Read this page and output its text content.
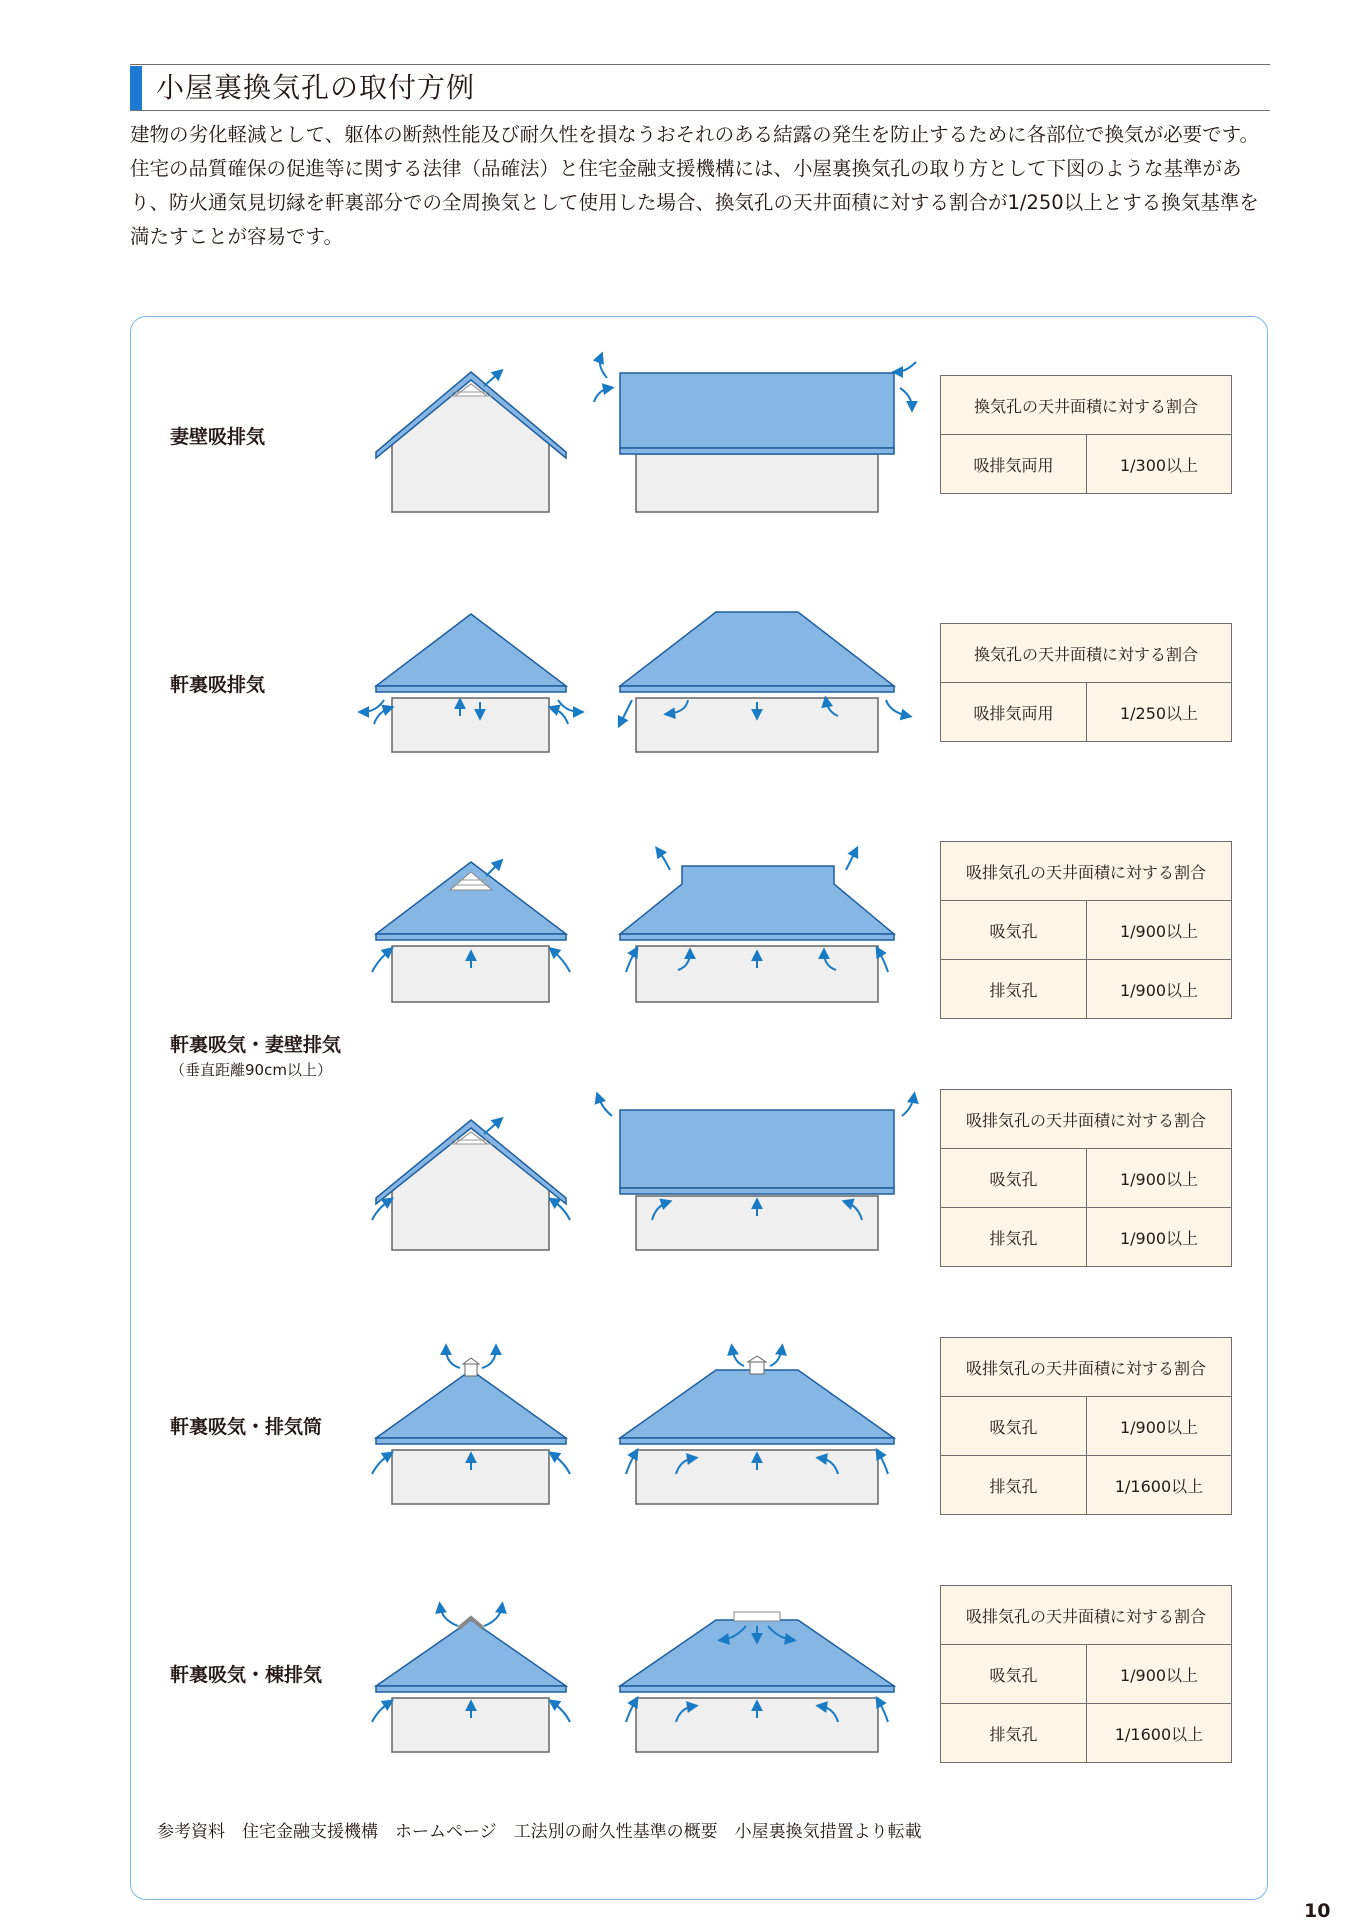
小屋裏換気孔の取付方例

建物の劣化軽減として、躯体の断熱性能及び耐久性を損なうおそれのある結露の発生を防止するために各部位で換気が必要です。

住宅の品質確保の促進等に関する法律（品確法）と住宅金融支援機構には、小屋裏換気孔の取り方として下図のような基準があり、防火通気見切縁を軒裏部分での全周換気として使用した場合、換気孔の天井面積に対する割合が1/250以上とする換気基準を満たすことが容易です。

妻壁吸排気
軒裏吸排気
軒裏吸気・妻壁排気
（垂直距離90cm以上）
軒裏吸気・排気筒
軒裏吸気・棟排気
換気孔の天井面積に対する割合
吸排気両用	1/300以上
換気孔の天井面積に対する割合
吸排気両用	1/250以上
吸排気孔の天井面積に対する割合	
吸気孔	1/900以上
排気孔	1/900以上
吸排気孔の天井面積に対する割合	
吸気孔	1/900以上
排気孔	1/900以上
吸排気孔の天井面積に対する割合	
吸気孔	1/900以上
排気孔	1/1600以上
吸排気孔の天井面積に対する割合	
吸気孔	1/900以上
排気孔	1/1600以上
参考資料　住宅金融支援機構　ホームページ　工法別の耐久性基準の概要　小屋裏換気措置より転載
10
